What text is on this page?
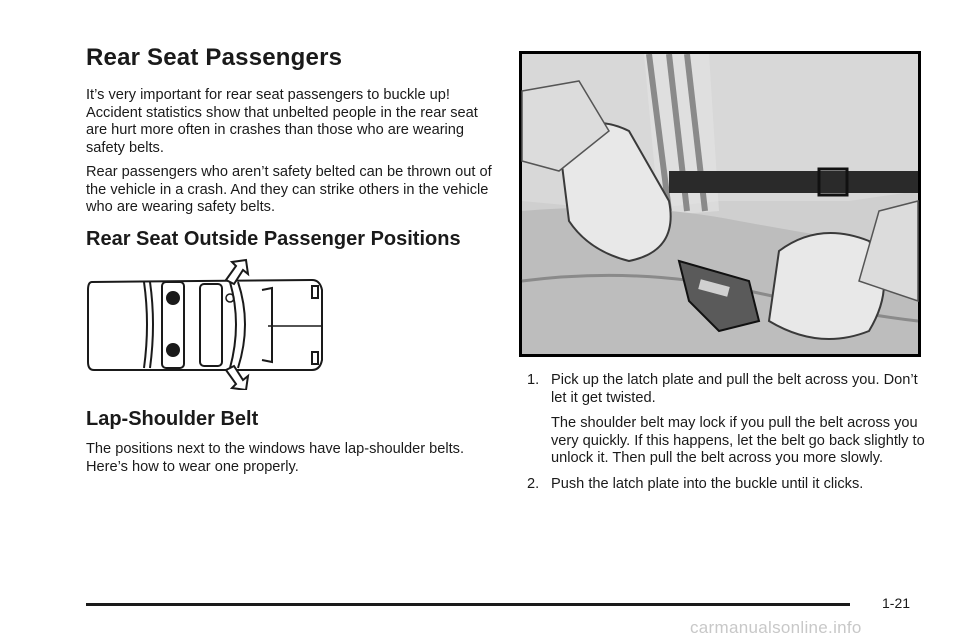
Rear Seat Passengers

It’s very important for rear seat passengers to buckle up! Accident statistics show that unbelted people in the rear seat are hurt more often in crashes than those who are wearing safety belts.

Rear passengers who aren’t safety belted can be thrown out of the vehicle in a crash. And they can strike others in the vehicle who are wearing safety belts.

Rear Seat Outside Passenger Positions
Lap-Shoulder Belt

The positions next to the windows have lap-shoulder belts. Here’s how to wear one properly.

1. Pick up the latch plate and pull the belt across you. Don’t let it get twisted.
The shoulder belt may lock if you pull the belt across you very quickly. If this happens, let the belt go back slightly to unlock it. Then pull the belt across you more slowly.
2. Push the latch plate into the buckle until it clicks.
1-21
carmanualsonline.info
